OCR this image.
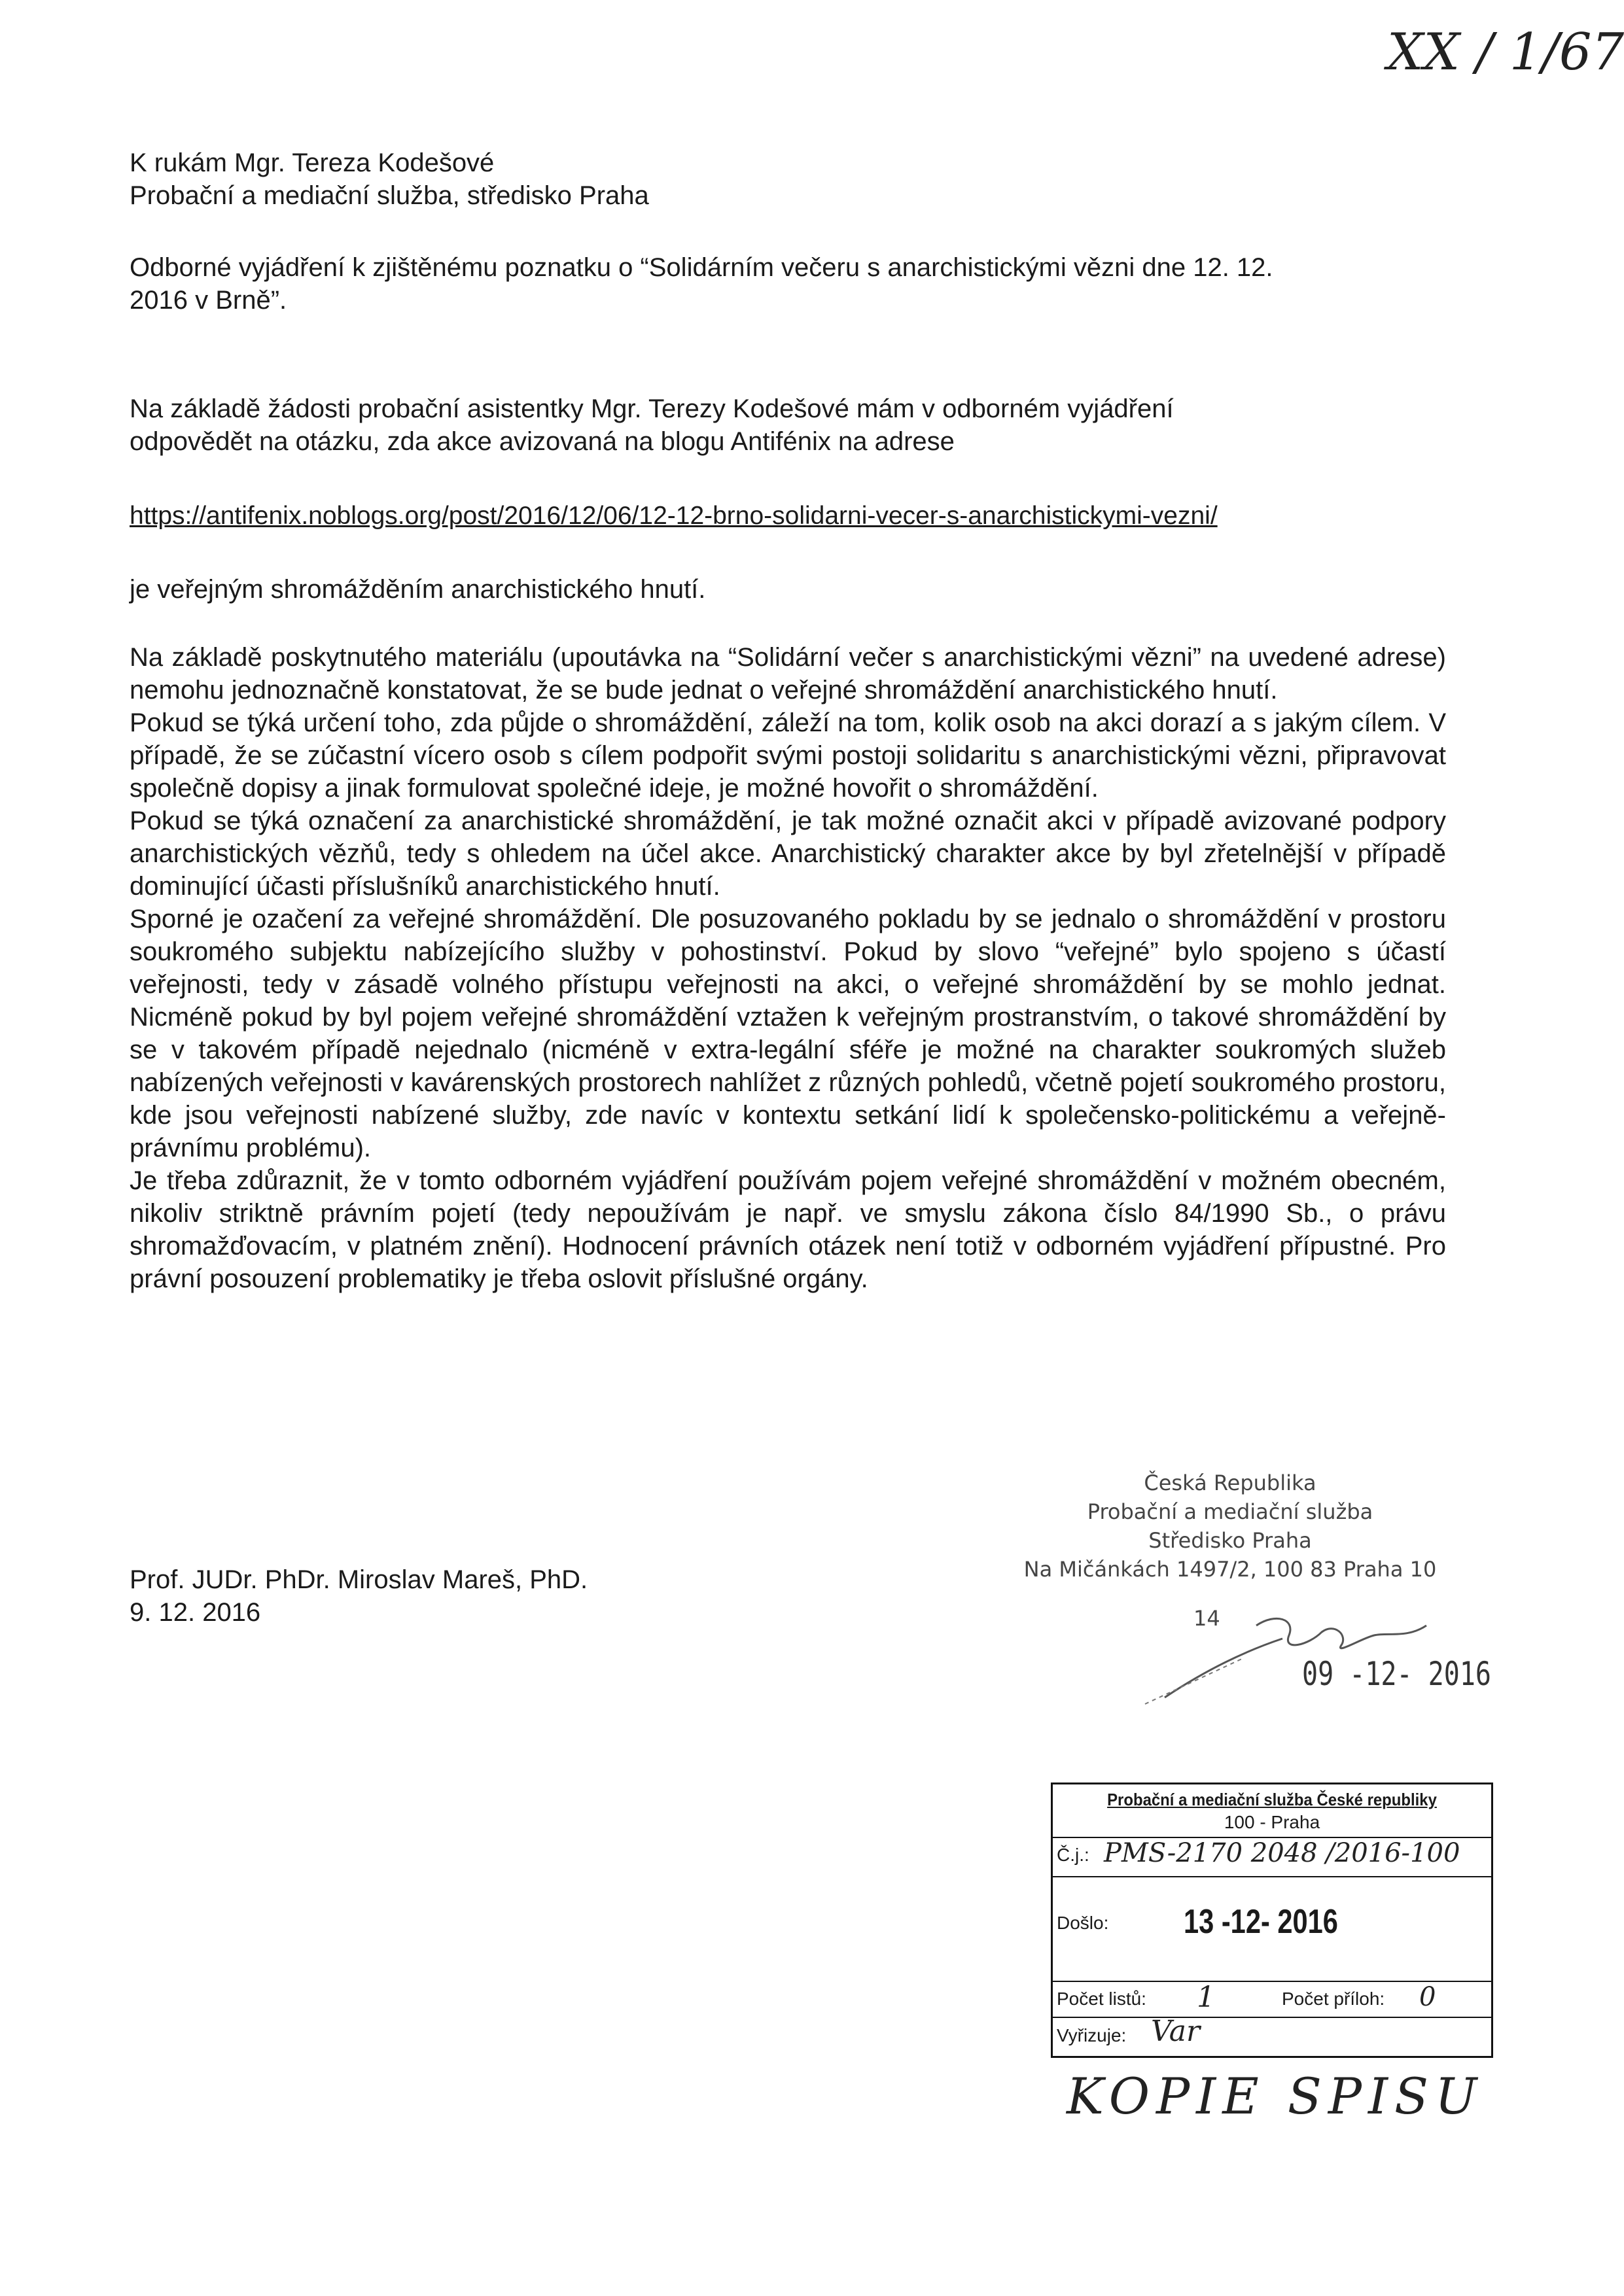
XX / 1/67
K rukám Mgr. Tereza Kodešové
Probační a mediační služba, středisko Praha
Odborné vyjádření k zjištěnému poznatku o “Solidárním večeru s anarchistickými vězni dne 12. 12.
2016 v Brně”.
Na základě žádosti probační asistentky Mgr. Terezy Kodešové mám v odborném vyjádření
odpovědět na otázku, zda akce avizovaná na blogu Antifénix na adrese
https://antifenix.noblogs.org/post/2016/12/06/12-12-brno-solidarni-vecer-s-anarchistickymi-vezni/
je veřejným shromážděním anarchistického hnutí.

Na základě poskytnutého materiálu (upoutávka na “Solidární večer s anarchistickými vězni” na uvedené adrese) nemohu jednoznačně konstatovat, že se bude jednat o veřejné shromáždění anarchistického hnutí.

Pokud se týká určení toho, zda půjde o shromáždění, záleží na tom, kolik osob na akci dorazí a s jakým cílem. V případě, že se zúčastní vícero osob s cílem podpořit svými postoji solidaritu s anarchistickými vězni, připravovat společně dopisy a jinak formulovat společné ideje, je možné hovořit o shromáždění.

Pokud se týká označení za anarchistické shromáždění, je tak možné označit akci v případě avizované podpory anarchistických vězňů, tedy s ohledem na účel akce. Anarchistický charakter akce by byl zřetelnější v případě dominující účasti příslušníků anarchistického hnutí.

Sporné je ozačení za veřejné shromáždění. Dle posuzovaného pokladu by se jednalo o shromáždění v prostoru soukromého subjektu nabízejícího služby v pohostinství. Pokud by slovo “veřejné” bylo spojeno s účastí veřejnosti, tedy v zásadě volného přístupu veřejnosti na akci, o veřejné shromáždění by se mohlo jednat. Nicméně pokud by byl pojem veřejné shromáždění vztažen k veřejným prostranstvím, o takové shromáždění by se v takovém případě nejednalo (nicméně v extra-legální sféře je možné na charakter soukromých služeb nabízených veřejnosti v kavárenských prostorech nahlížet z různých pohledů, včetně pojetí soukromého prostoru, kde jsou veřejnosti nabízené služby, zde navíc v kontextu setkání lidí k společensko-politickému a veřejně-právnímu problému).

Je třeba zdůraznit, že v tomto odborném vyjádření používám pojem veřejné shromáždění v možném obecném, nikoliv striktně právním pojetí (tedy nepoužívám je např. ve smyslu zákona číslo 84/1990 Sb., o právu shromažďovacím, v platném znění). Hodnocení právních otázek není totiž v odborném vyjádření přípustné. Pro právní posouzení problematiky je třeba oslovit příslušné orgány.

Prof. JUDr. PhDr. Miroslav Mareš, PhD.
9. 12. 2016
Česká Republika
Probační a mediační služba
Středisko Praha
Na Mičánkách 1497/2, 100 83 Praha 10
14
09 -12- 2016
Probační a mediační služba České republiky
100 - Praha
Č.j.: PMS-2170 2048 /2016-100
Došlo: 13 -12- 2016
Počet listů: 1	Počet příloh: 0
Vyřizuje: Var
KOPIE SPISU
